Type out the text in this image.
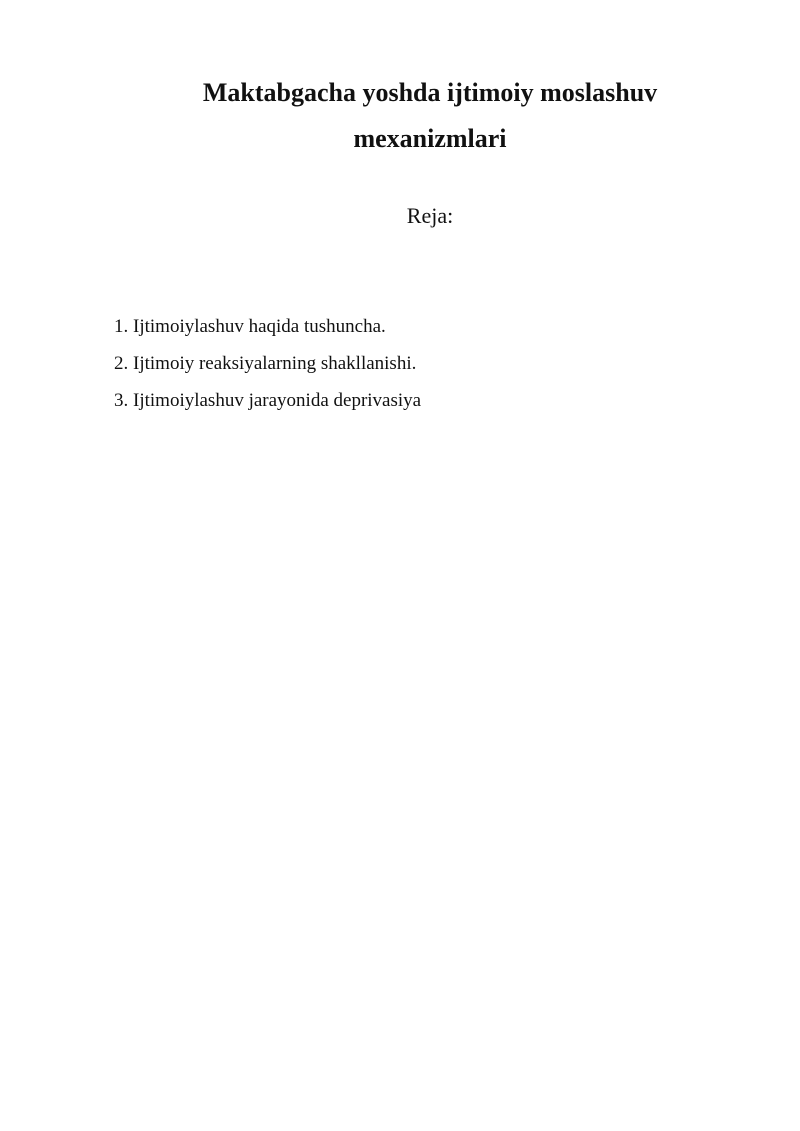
Maktabgacha yoshda ijtimoiy moslashuv
mexanizmlari

Reja:

1. Ijtimoiylashuv haqida tushuncha.
2. Ijtimoiy reaksiyalarning shakllanishi.
3. Ijtimoiylashuv jarayonida deprivasiya
